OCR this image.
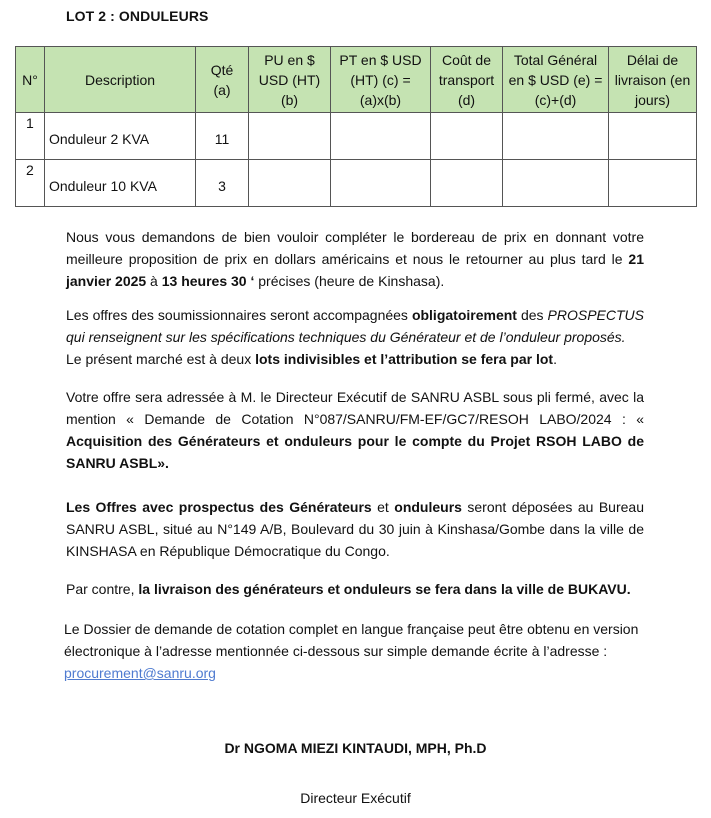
LOT 2 : ONDULEURS
N°	Description	Qté (a)	PU en $ USD (HT) (b)	PT en $ USD (HT) (c) = (a)x(b)	Coût de transport (d)	Total Général en $ USD (e) = (c)+(d)	Délai de livraison (en jours)
1	Onduleur 2 KVA	11					
2	Onduleur 10 KVA	3					
Nous vous demandons de bien vouloir compléter le bordereau de prix en donnant votre meilleure proposition de prix en dollars américains et nous le retourner au plus tard le 21 janvier 2025 à 13 heures 30 ‘ précises (heure de Kinshasa).
Les offres des soumissionnaires seront accompagnées obligatoirement des PROSPECTUS qui renseignent sur les spécifications techniques du Générateur et de l’onduleur proposés.
Le présent marché est à deux lots indivisibles et l’attribution se fera par lot.
Votre offre sera adressée à M. le Directeur Exécutif de SANRU ASBL sous pli fermé, avec la mention « Demande de Cotation N°087/SANRU/FM-EF/GC7/RESOH LABO/2024 : « Acquisition des Générateurs et onduleurs pour le compte du Projet RSOH LABO de SANRU ASBL».
Les Offres avec prospectus des Générateurs et onduleurs seront déposées au Bureau SANRU ASBL, situé au N°149 A/B, Boulevard du 30 juin à Kinshasa/Gombe dans la ville de KINSHASA en République Démocratique du Congo.
Par contre, la livraison des générateurs et onduleurs se fera dans la ville de BUKAVU.
Le Dossier de demande de cotation complet en langue française peut être obtenu en version électronique à l’adresse mentionnée ci-dessous sur simple demande écrite à l’adresse :
procurement@sanru.org
Dr NGOMA MIEZI KINTAUDI, MPH, Ph.D
Directeur Exécutif
